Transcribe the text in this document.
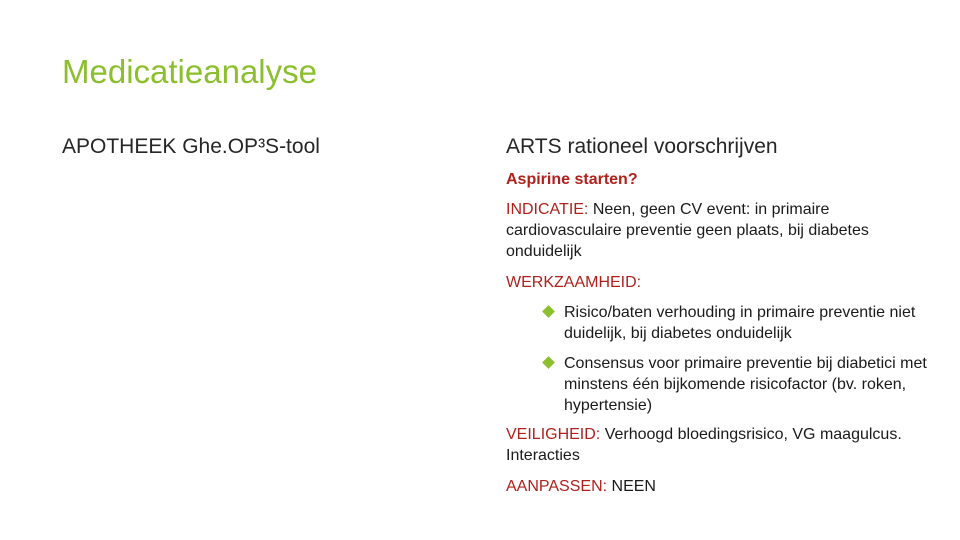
Medicatieanalyse
APOTHEEK Ghe.OP³S-tool	ARTS rationeel voorschrijven
Aspirine starten?

INDICATIE: Neen, geen CV event: in primaire cardiovasculaire preventie geen plaats, bij diabetes onduidelijk

WERKZAAMHEID:

Risico/baten verhouding in primaire preventie niet duidelijk, bij diabetes onduidelijk
Consensus voor primaire preventie bij diabetici met minstens één bijkomende risicofactor (bv. roken, hypertensie)

VEILIGHEID: Verhoogd bloedingsrisico, VG maagulcus. Interacties

AANPASSEN: NEEN
